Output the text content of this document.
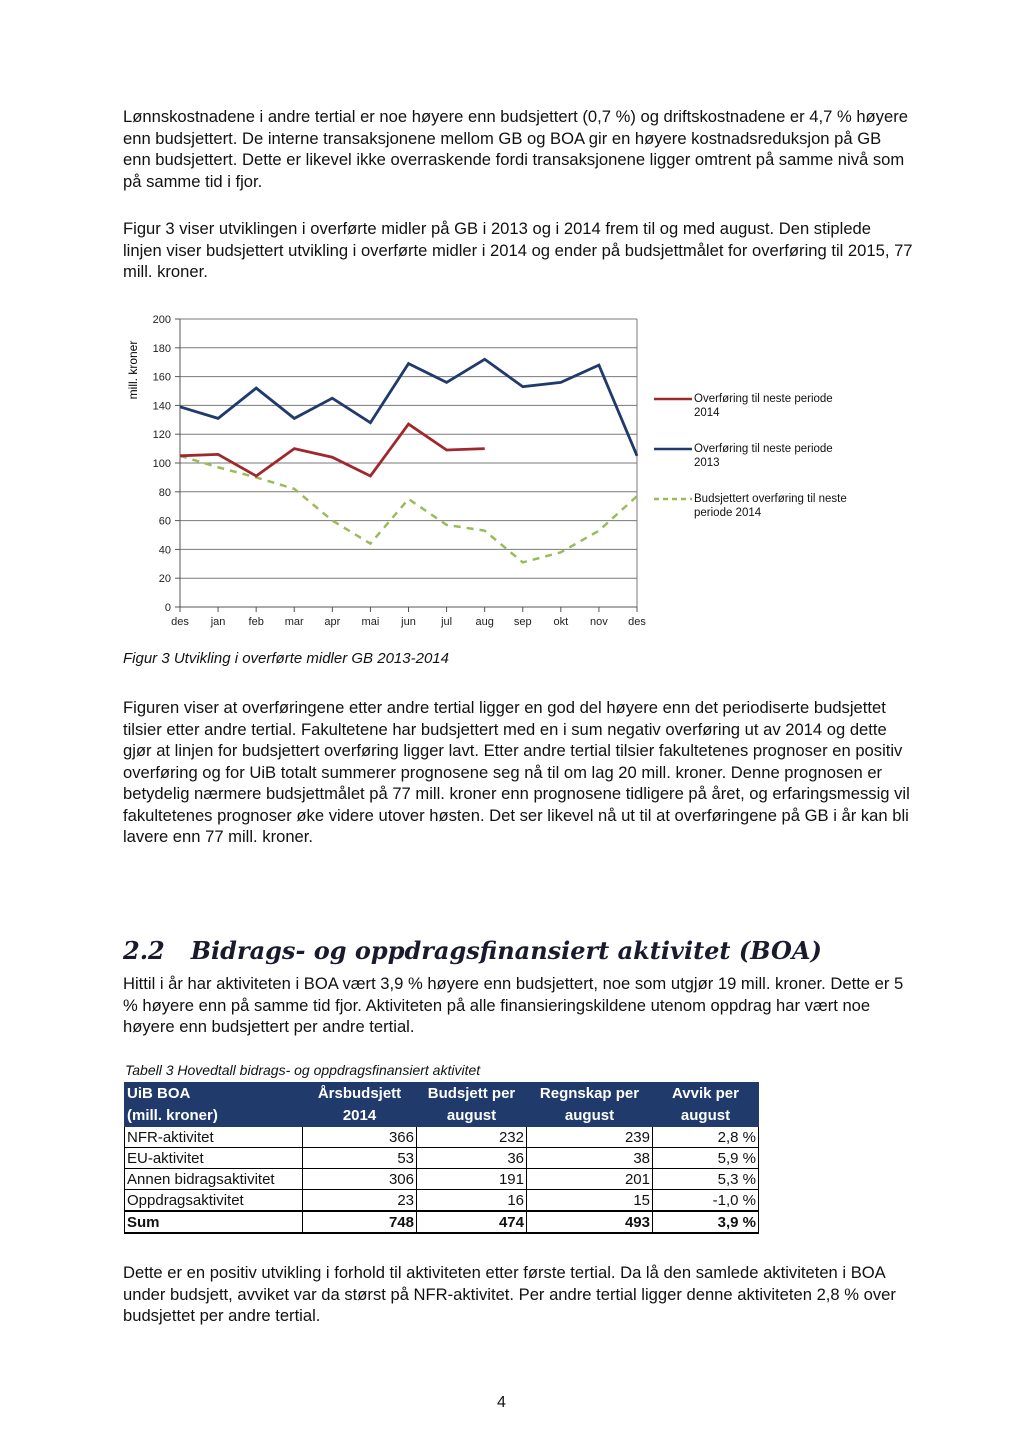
Lønnskostnadene i andre tertial er noe høyere enn budsjettert (0,7 %) og driftskostnadene er 4,7 % høyere enn budsjettert. De interne transaksjonene mellom GB og BOA gir en høyere kostnadsreduksjon på GB enn budsjettert. Dette er likevel ikke overraskende fordi transaksjonene ligger omtrent på samme nivå som på samme tid i fjor.

Figur 3 viser utviklingen i overførte midler på GB i 2013 og i 2014 frem til og med august. Den stiplede linjen viser budsjettert utvikling i overførte midler i 2014 og ender på budsjettmålet for overføring til 2015, 77 mill. kroner.

mill. kroner
0
20
40
60
80
100
120
140
160
180
200
des jan feb mar apr mai jun jul aug sep okt nov des
Overføring til neste periode 2014
Overføring til neste periode 2013
Budsjettert overføring til neste periode 2014

Figur 3 Utvikling i overførte midler GB 2013-2014

Figuren viser at overføringene etter andre tertial ligger en god del høyere enn det periodiserte budsjettet tilsier etter andre tertial. Fakultetene har budsjettert med en i sum negativ overføring ut av 2014 og dette gjør at linjen for budsjettert overføring ligger lavt. Etter andre tertial tilsier fakultetenes prognoser en positiv overføring og for UiB totalt summerer prognosene seg nå til om lag 20 mill. kroner. Denne prognosen er betydelig nærmere budsjettmålet på 77 mill. kroner enn prognosene tidligere på året, og erfaringsmessig vil fakultetenes prognoser øke videre utover høsten. Det ser likevel nå ut til at overføringene på GB i år kan bli lavere enn 77 mill. kroner.

2.2 Bidrags- og oppdragsfinansiert aktivitet (BOA)

Hittil i år har aktiviteten i BOA vært 3,9 % høyere enn budsjettert, noe som utgjør 19 mill. kroner. Dette er 5 % høyere enn på samme tid fjor. Aktiviteten på alle finansieringskildene utenom oppdrag har vært noe høyere enn budsjettert per andre tertial.

Tabell 3 Hovedtall bidrags- og oppdragsfinansiert aktivitet

UiB BOA	Årsbudsjett	Budsjett per	Regnskap per	Avvik per
(mill. kroner)	2014	august	august	august
NFR-aktivitet	366	232	239	2,8 %
EU-aktivitet	53	36	38	5,9 %
Annen bidragsaktivitet	306	191	201	5,3 %
Oppdragsaktivitet	23	16	15	-1,0 %
Sum	748	474	493	3,9 %

Dette er en positiv utvikling i forhold til aktiviteten etter første tertial. Da lå den samlede aktiviteten i BOA under budsjett, avviket var da størst på NFR-aktivitet. Per andre tertial ligger denne aktiviteten 2,8 % over budsjettet per andre tertial.

4
